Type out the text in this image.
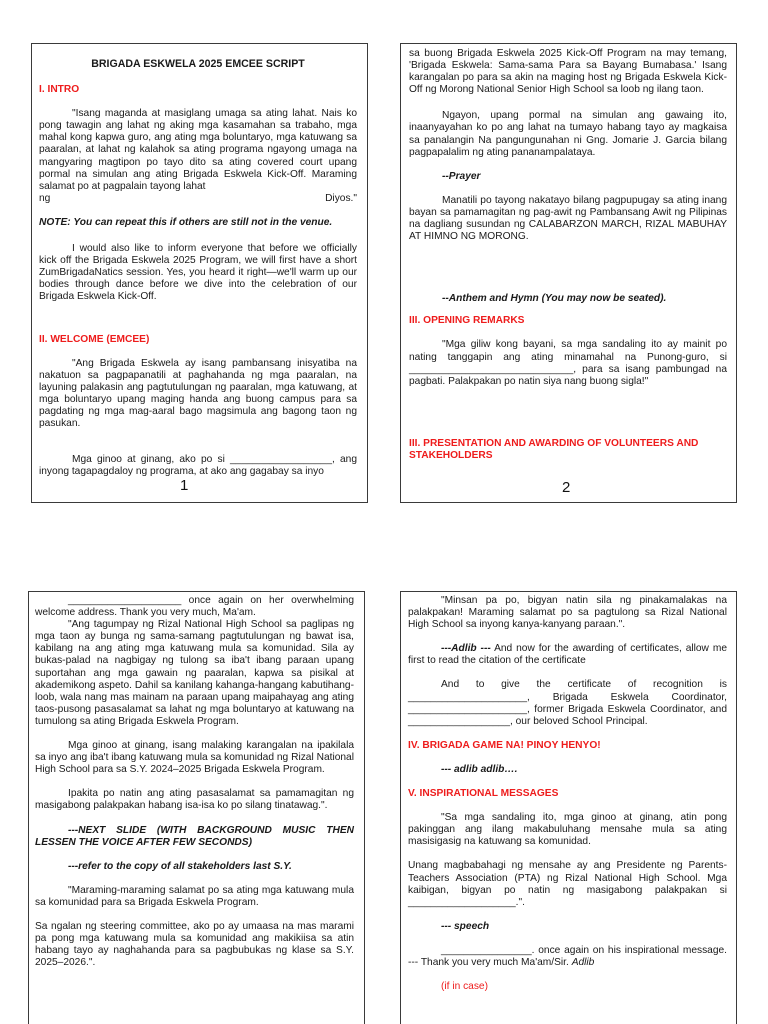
BRIGADA ESKWELA 2025 EMCEE SCRIPT

I. INTRO

"Isang maganda at masiglang umaga sa ating lahat. Nais ko pong tawagin ang lahat ng aking mga kasamahan sa trabaho, mga mahal kong kapwa guro, ang ating mga boluntaryo, mga katuwang sa paaralan, at lahat ng kalahok sa ating programa ngayong umaga na mangyaring magtipon po tayo dito sa ating covered court upang pormal na simulan ang ating Brigada Eskwela Kick-Off. Maraming salamat po at pagpalain tayong lahat

ng	Diyos."

NOTE: You can repeat this if others are still not in the venue.

I would also like to inform everyone that before we officially kick off the Brigada Eskwela 2025 Program, we will first have a short ZumBrigadaNatics session. Yes, you heard it right—we'll warm up our bodies through dance before we dive into the celebration of our Brigada Eskwela Kick-Off.

II. WELCOME (EMCEE)

"Ang Brigada Eskwela ay isang pambansang inisyatiba na nakatuon sa pagpapanatili at paghahanda ng mga paaralan, na layuning palakasin ang pagtutulungan ng paaralan, mga katuwang, at mga boluntaryo upang maging handa ang buong campus para sa pagdating ng mga mag-aaral bago magsimula ang bagong taon ng pasukan.

Mga ginoo at ginang, ako po si __________________, ang inyong tagapagdaloy ng programa, at ako ang gagabay sa inyo

1

sa buong Brigada Eskwela 2025 Kick-Off Program na may temang, 'Brigada Eskwela: Sama-sama Para sa Bayang Bumabasa.' Isang karangalan po para sa akin na maging host ng Brigada Eskwela Kick-Off ng Morong National Senior High School sa loob ng ilang taon.

Ngayon, upang pormal na simulan ang gawaing ito, inaanyayahan ko po ang lahat na tumayo habang tayo ay magkaisa sa panalangin Na pangungunahan ni Gng. Jomarie J. Garcia bilang pagpapalalim ng ating pananampalataya.

--Prayer

Manatili po tayong nakatayo bilang pagpupugay sa ating inang bayan sa pamamagitan ng pag-awit ng Pambansang Awit ng Pilipinas na dagliang susundan ng CALABARZON MARCH, RIZAL MABUHAY AT HIMNO NG MORONG.

--Anthem and Hymn (You may now be seated).

III. OPENING REMARKS

"Mga giliw kong bayani, sa mga sandaling ito ay mainit po nating tanggapin ang ating minamahal na Punong-guro, si _____________________________, para sa isang pambungad na pagbati. Palakpakan po natin siya nang buong sigla!"

III. PRESENTATION AND AWARDING OF VOLUNTEERS AND STAKEHOLDERS

2

____________________ once again on her overwhelming welcome address. Thank you very much, Ma'am.

"Ang tagumpay ng Rizal National High School sa paglipas ng mga taon ay bunga ng sama-samang pagtutulungan ng bawat isa, kabilang na ang ating mga katuwang mula sa komunidad. Sila ay bukas-palad na nagbigay ng tulong sa iba't ibang paraan upang suportahan ang mga gawain ng paaralan, kapwa sa pisikal at akademikong aspeto. Dahil sa kanilang kahanga-hangang kabutihang-loob, wala nang mas mainam na paraan upang maipahayag ang ating taos-pusong pasasalamat sa lahat ng mga boluntaryo at katuwang na tumulong sa ating Brigada Eskwela Program.

Mga ginoo at ginang, isang malaking karangalan na ipakilala sa inyo ang iba't ibang katuwang mula sa komunidad ng Rizal National High School para sa S.Y. 2024–2025 Brigada Eskwela Program.

Ipakita po natin ang ating pasasalamat sa pamamagitan ng masigabong palakpakan habang isa-isa ko po silang tinatawag.".

---NEXT SLIDE (WITH BACKGROUND MUSIC THEN LESSEN THE VOICE AFTER FEW SECONDS)

---refer to the copy of all stakeholders last S.Y.

"Maraming-maraming salamat po sa ating mga katuwang mula sa komunidad para sa Brigada Eskwela Program.

Sa ngalan ng steering committee, ako po ay umaasa na mas marami pa pong mga katuwang mula sa komunidad ang makikiisa sa atin habang tayo ay naghahanda para sa pagbubukas ng klase sa S.Y. 2025–2026.".

"Minsan pa po, bigyan natin sila ng pinakamalakas na palakpakan! Maraming salamat po sa pagtulong sa Rizal National High School sa inyong kanya-kanyang paraan.".

---Adlib --- And now for the awarding of certificates, allow me first to read the citation of the certificate

And to give the certificate of recognition is _____________________, Brigada Eskwela Coordinator, _____________________, former Brigada Eskwela Coordinator, and __________________, our beloved School Principal.

IV. BRIGADA GAME NA! PINOY HENYO!

--- adlib adlib….

V. INSPIRATIONAL MESSAGES

"Sa mga sandaling ito, mga ginoo at ginang, atin pong pakinggan ang ilang makabuluhang mensahe mula sa ating masisigasig na katuwang sa komunidad.

Unang magbabahagi ng mensahe ay ang Presidente ng Parents-Teachers Association (PTA) ng Rizal National High School. Mga kaibigan, bigyan po natin ng masigabong palakpakan si ___________________.".

--- speech

________________. once again on his inspirational message. --- Thank you very much Ma'am/Sir. Adlib

(if in case)
